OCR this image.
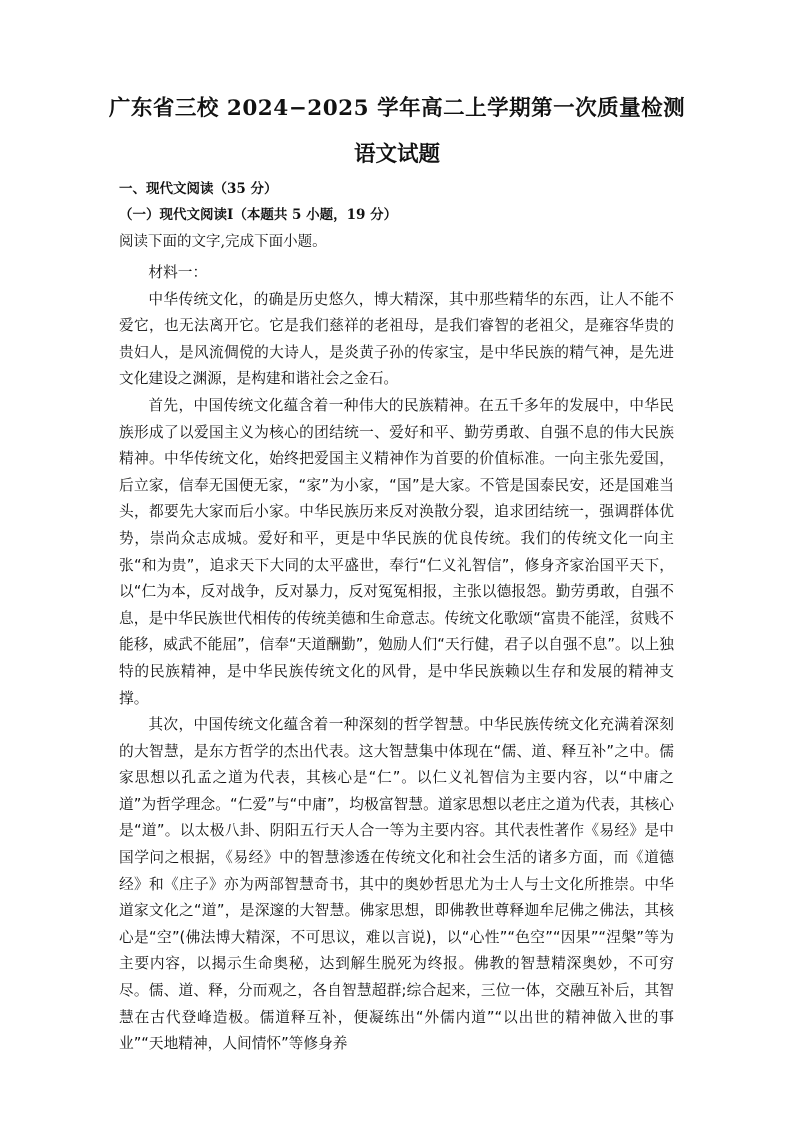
广东省三校 2024−2025 学年高二上学期第一次质量检测
语文试题
一、现代文阅读（35 分）
（一）现代文阅读Ⅰ（本题共 5 小题，19 分）
阅读下面的文字,完成下面小题。

材料一：

中华传统文化，的确是历史悠久，博大精深，其中那些精华的东西，让人不能不爱它，也无法离开它。它是我们慈祥的老祖母，是我们睿智的老祖父，是雍容华贵的贵妇人，是风流倜傥的大诗人，是炎黄子孙的传家宝，是中华民族的精气神，是先进文化建设之渊源，是构建和谐社会之金石。

首先，中国传统文化蕴含着一种伟大的民族精神。在五千多年的发展中，中华民族形成了以爱国主义为核心的团结统一、爱好和平、勤劳勇敢、自强不息的伟大民族精神。中华传统文化，始终把爱国主义精神作为首要的价值标准。一向主张先爱国，后立家，信奉无国便无家，“家”为小家，“国”是大家。不管是国泰民安，还是国难当头，都要先大家而后小家。中华民族历来反对涣散分裂，追求团结统一，强调群体优势，崇尚众志成城。爱好和平，更是中华民族的优良传统。我们的传统文化一向主张“和为贵”，追求天下大同的太平盛世，奉行“仁义礼智信”，修身齐家治国平天下，以“仁为本，反对战争，反对暴力，反对冤冤相报，主张以德报怨。勤劳勇敢，自强不息，是中华民族世代相传的传统美德和生命意志。传统文化歌颂“富贵不能淫，贫贱不能移，威武不能屈”，信奉“天道酬勤”，勉励人们“天行健，君子以自强不息”。以上独特的民族精神，是中华民族传统文化的风骨，是中华民族赖以生存和发展的精神支撑。

其次，中国传统文化蕴含着一种深刻的哲学智慧。中华民族传统文化充满着深刻的大智慧，是东方哲学的杰出代表。这大智慧集中体现在“儒、道、释互补”之中。儒家思想以孔孟之道为代表，其核心是“仁”。以仁义礼智信为主要内容，以“中庸之道”为哲学理念。“仁爱”与“中庸”，均极富智慧。道家思想以老庄之道为代表，其核心是“道”。以太极八卦、阴阳五行天人合一等为主要内容。其代表性著作《易经》是中国学问之根据，《易经》中的智慧渗透在传统文化和社会生活的诸多方面，而《道德经》和《庄子》亦为两部智慧奇书，其中的奥妙哲思尤为士人与士文化所推崇。中华道家文化之“道”，是深邃的大智慧。佛家思想，即佛教世尊释迦牟尼佛之佛法，其核心是“空”(佛法博大精深，不可思议，难以言说)，以“心性”“色空”“因果”“涅槃”等为主要内容，以揭示生命奥秘，达到解生脱死为终报。佛教的智慧精深奥妙，不可穷尽。儒、道、释，分而观之，各自智慧超群;综合起来，三位一体，交融互补后，其智慧在古代登峰造极。儒道释互补，便凝练出“外儒内道”“以出世的精神做入世的事业”“天地精神，人间情怀”等修身养
